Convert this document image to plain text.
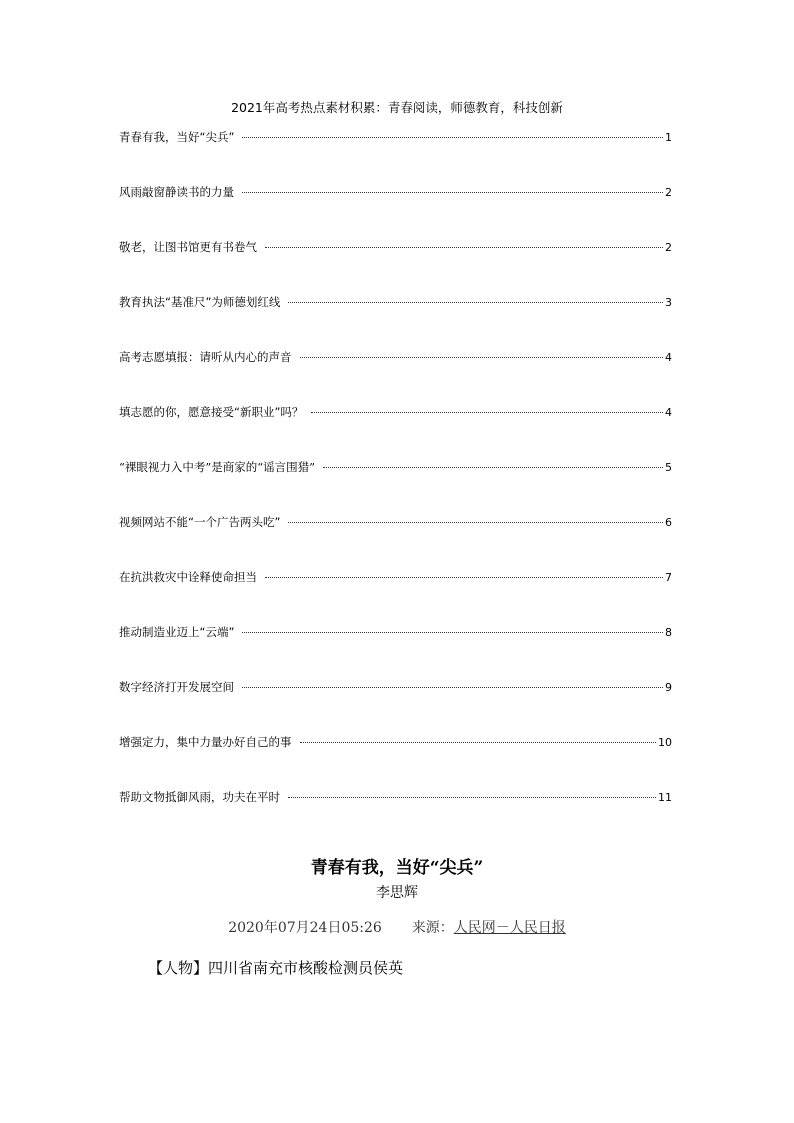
2021年高考热点素材积累：青春阅读，师德教育，科技创新
青春有我，当好“尖兵”	1
风雨敲窗静读书的力量	2
敬老，让图书馆更有书卷气	2
教育执法“基准尺”为师德划红线	3
高考志愿填报：请听从内心的声音	4
填志愿的你，愿意接受“新职业”吗？	4
“裸眼视力入中考”是商家的“谣言围猎”	5
视频网站不能“一个广告两头吃”	6
在抗洪救灾中诠释使命担当	7
推动制造业迈上“云端”	8
数字经济打开发展空间	9
增强定力，集中力量办好自己的事	10
帮助文物抵御风雨，功夫在平时	11
青春有我，当好“尖兵”
李思辉
2020年07月24日05:26 来源：人民网－人民日报
【人物】四川省南充市核酸检测员侯英
